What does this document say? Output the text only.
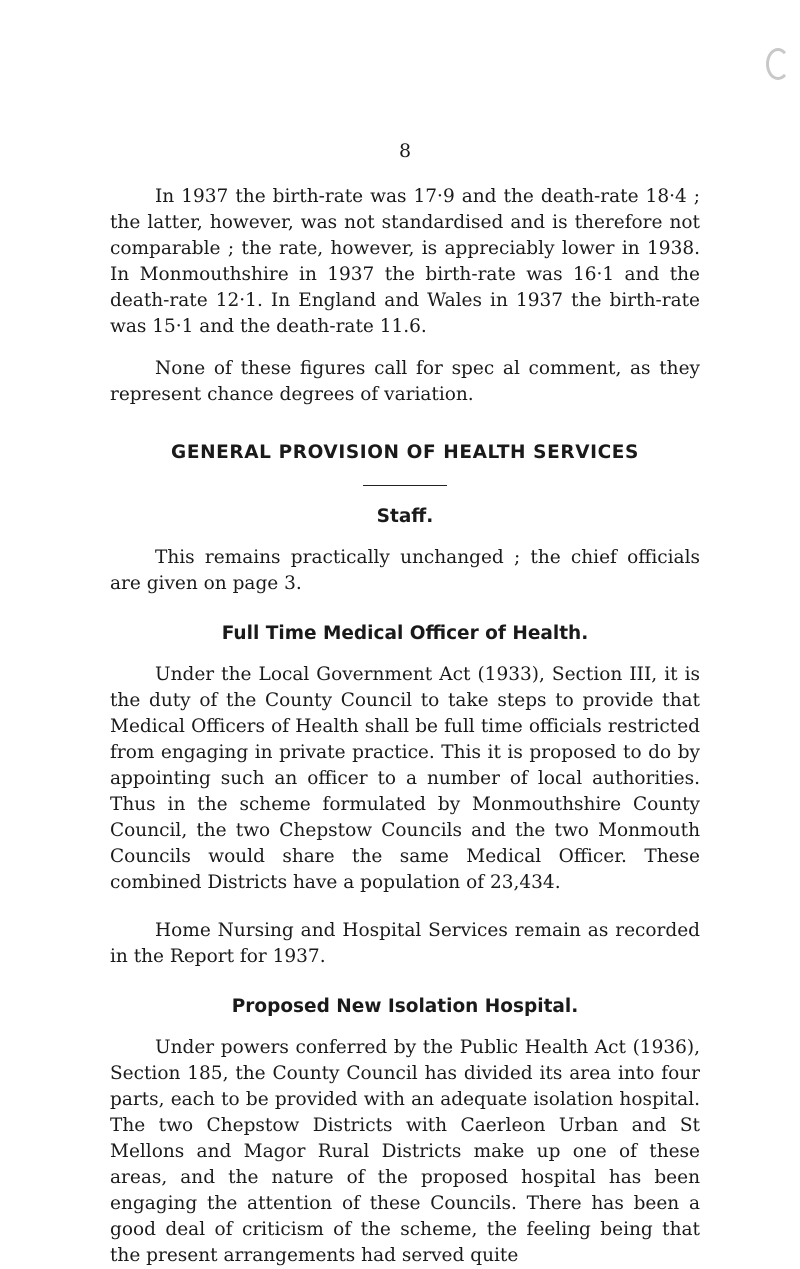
8

In 1937 the birth-rate was 17·9 and the death-rate 18·4 ; the latter, however, was not standardised and is therefore not comparable ; the rate, however, is appreciably lower in 1938. In Monmouthshire in 1937 the birth-rate was 16·1 and the death-rate 12·1. In England and Wales in 1937 the birth-rate was 15·1 and the death-rate 11.6.

None of these figures call for spec al comment, as they represent chance degrees of variation.

GENERAL PROVISION OF HEALTH SERVICES
Staff.

This remains practically unchanged ; the chief officials are given on page 3.

Full Time Medical Officer of Health.

Under the Local Government Act (1933), Section III, it is the duty of the County Council to take steps to provide that Medical Officers of Health shall be full time officials restricted from engaging in private practice. This it is proposed to do by appointing such an officer to a number of local authorities. Thus in the scheme formulated by Monmouthshire County Council, the two Chepstow Councils and the two Monmouth Councils would share the same Medical Officer. These combined Districts have a population of 23,434.

Home Nursing and Hospital Services remain as recorded in the Report for 1937.

Proposed New Isolation Hospital.

Under powers conferred by the Public Health Act (1936), Section 185, the County Council has divided its area into four parts, each to be provided with an adequate isolation hospital. The two Chepstow Districts with Caerleon Urban and St Mellons and Magor Rural Districts make up one of these areas, and the nature of the proposed hospital has been engaging the attention of these Councils. There has been a good deal of criticism of the scheme, the feeling being that the present arrangements had served quite
